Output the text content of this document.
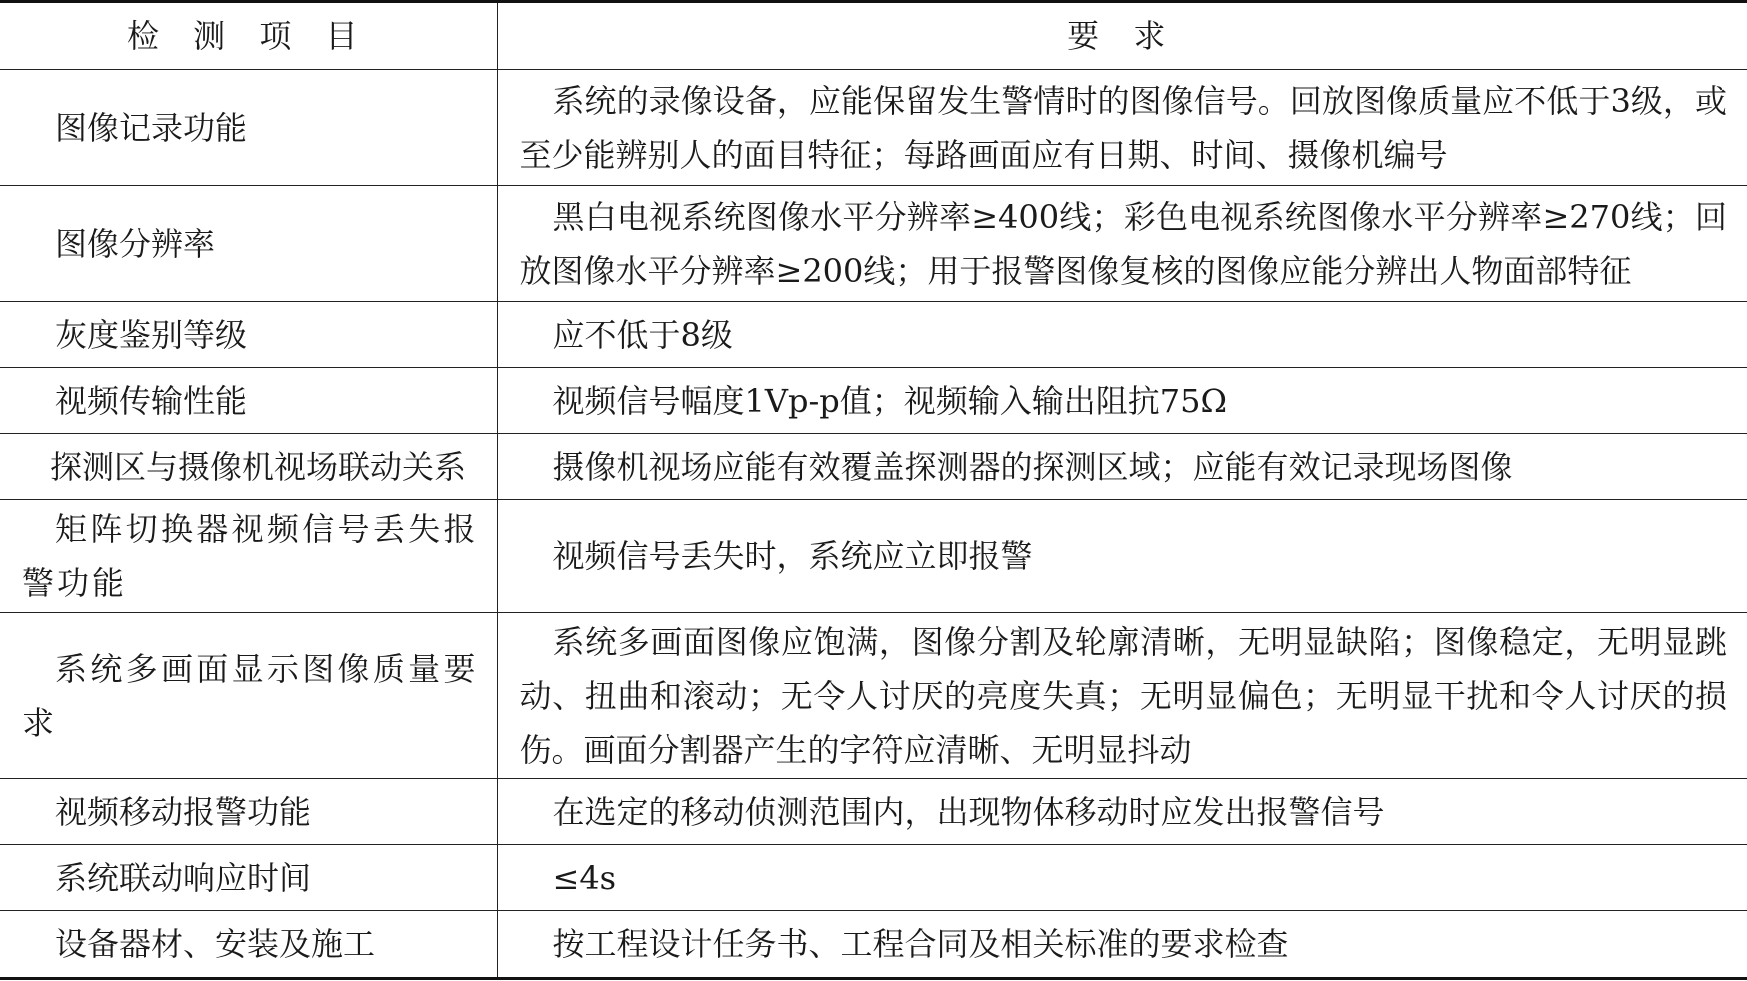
检 测 项 目	要 求
图像记录功能	系统的录像设备，应能保留发生警情时的图像信号。回放图像质量应不低于3级，或至少能辨别人的面目特征；每路画面应有日期、时间、摄像机编号
图像分辨率	黑白电视系统图像水平分辨率≥400线；彩色电视系统图像水平分辨率≥270线；回放图像水平分辨率≥200线；用于报警图像复核的图像应能分辨出人物面部特征
灰度鉴别等级	应不低于8级
视频传输性能	视频信号幅度1Vp-p值；视频输入输出阻抗75Ω
探测区与摄像机视场联动关系	摄像机视场应能有效覆盖探测器的探测区域；应能有效记录现场图像
矩阵切换器视频信号丢失报警功能	视频信号丢失时，系统应立即报警
系统多画面显示图像质量要求	系统多画面图像应饱满，图像分割及轮廓清晰，无明显缺陷；图像稳定，无明显跳动、扭曲和滚动；无令人讨厌的亮度失真；无明显偏色；无明显干扰和令人讨厌的损伤。画面分割器产生的字符应清晰、无明显抖动
视频移动报警功能	在选定的移动侦测范围内，出现物体移动时应发出报警信号
系统联动响应时间	≤4s
设备器材、安装及施工	按工程设计任务书、工程合同及相关标准的要求检查
